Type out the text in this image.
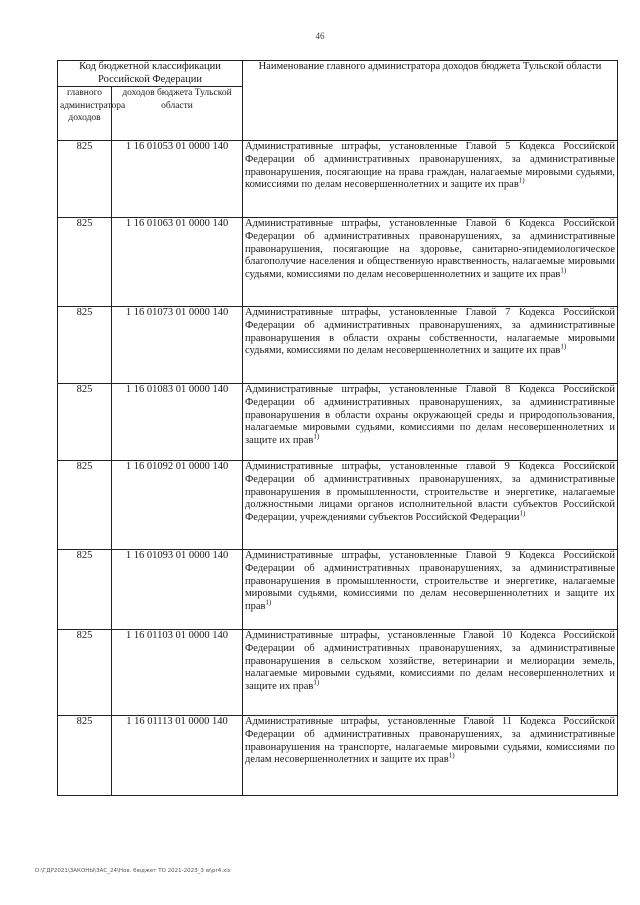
46
Код бюджетной классификации Российской Федерации		Наименование главного администратора доходов бюджета Тульской области
главного администратора доходов	доходов бюджета Тульской области	
825	1 16 01053 01 0000 140	Административные штрафы, установленные Главой 5 Кодекса Российской Федерации об административных правонарушениях, за административные правонарушения, посягающие на права граждан, налагаемые мировыми судьями, комиссиями по делам несовершеннолетних и защите их прав$^{1)}$
825	1 16 01063 01 0000 140	Административные штрафы, установленные Главой 6 Кодекса Российской Федерации об административных правонарушениях, за административные правонарушения, посягающие на здоровье, санитарно-эпидемиологическое благополучие населения и общественную нравственность, налагаемые мировыми судьями, комиссиями по делам несовершеннолетних и защите их прав$^{1)}$
825	1 16 01073 01 0000 140	Административные штрафы, установленные Главой 7 Кодекса Российской Федерации об административных правонарушениях, за административные правонарушения в области охраны собственности, налагаемые мировыми судьями, комиссиями по делам несовершеннолетних и защите их прав$^{1)}$
825	1 16 01083 01 0000 140	Административные штрафы, установленные Главой 8 Кодекса Российской Федерации об административных правонарушениях, за административные правонарушения в области охраны окружающей среды и природопользования, налагаемые мировыми судьями, комиссиями по делам несовершеннолетних и защите их прав$^{1)}$
825	1 16 01092 01 0000 140	Административные штрафы, установленные главой 9 Кодекса Российской Федерации об административных правонарушениях, за административные правонарушения в промышленности, строительстве и энергетике, налагаемые должностными лицами органов исполнительной власти субъектов Российской Федерации, учреждениями субъектов Российской Федерации$^{1)}$
825	1 16 01093 01 0000 140	Административные штрафы, установленные Главой 9 Кодекса Российской Федерации об административных правонарушениях, за административные правонарушения в промышленности, строительстве и энергетике, налагаемые мировыми судьями, комиссиями по делам несовершеннолетних и защите их прав$^{1)}$
825	1 16 01103 01 0000 140	Административные штрафы, установленные Главой 10 Кодекса Российской Федерации об административных правонарушениях, за административные правонарушения в сельском хозяйстве, ветеринарии и мелиорации земель, налагаемые мировыми судьями, комиссиями по делам несовершеннолетних и защите их прав$^{1)}$
825	1 16 01113 01 0000 140	Административные штрафы, установленные Главой 11 Кодекса Российской Федерации об административных правонарушениях, за административные правонарушения на транспорте, налагаемые мировыми судьями, комиссиями по делам несовершеннолетних и защите их прав$^{1)}$
D:\ГДР2021\ЗАКОНЫ\ЗАС_24\Нов. бюджет ТО 2021-2023_3 w\pr4.xls
